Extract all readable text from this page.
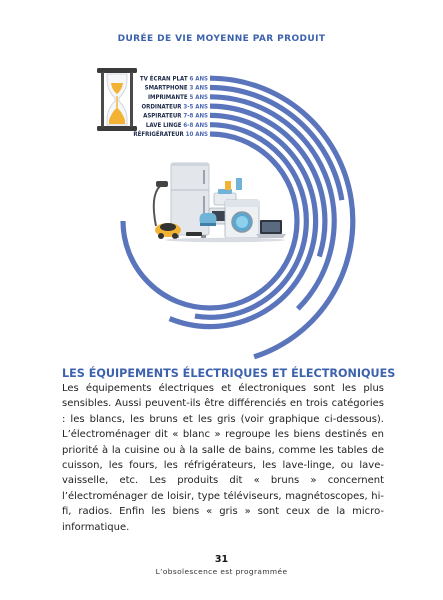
DURÉE DE VIE MOYENNE PAR PRODUIT
TV ÉCRAN PLAT 6 ANS
SMARTPHONE 3 ANS
IMPRIMANTE 5 ANS
ORDINATEUR 3-5 ANS
ASPIRATEUR 7-8 ANS
LAVE LINGE 6-8 ANS
RÉFRIGÉRATEUR 10 ANS
LES ÉQUIPEMENTS ÉLECTRIQUES ET ÉLECTRONIQUES

Les équipements électriques et électroniques sont les plus sensibles. Aussi peuvent-ils être différenciés en trois catégories : les blancs, les bruns et les gris (voir graphique ci-dessous). L’électroménager dit « blanc » regroupe les biens destinés en priorité à la cuisine ou à la salle de bains, comme les tables de cuisson, les fours, les réfrigérateurs, les lave-linge, ou lave-vaisselle, etc. Les produits dit « bruns » concernent l’électroménager de loisir, type téléviseurs, magnétoscopes, hi-fi, radios. Enfin les biens « gris » sont ceux de la micro-informatique.

31
L’obsolescence est programmée
